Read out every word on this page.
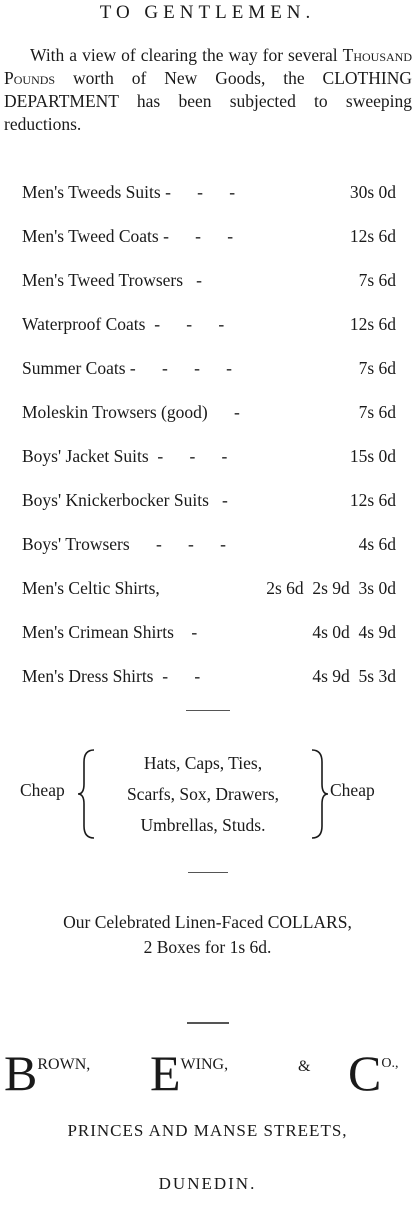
TO GENTLEMEN.
With a view of clearing the way for several Thousand Pounds worth of New Goods, the CLOTHING DEPARTMENT has been subjected to sweeping reductions.
Men's Tweeds Suits -      -      -	30s 0d
Men's Tweed Coats -      -      -	12s 6d
Men's Tweed Trowsers   -	7s 6d
Waterproof Coats  -      -      -	12s 6d
Summer Coats -      -      -      -	7s 6d
Moleskin Trowsers (good)      -	7s 6d
Boys' Jacket Suits  -      -      -	15s 0d
Boys' Knickerbocker Suits   -	12s 6d
Boys' Trowsers      -      -      -	4s 6d
Men's Celtic Shirts,	2s 6d  2s 9d  3s 0d
Men's Crimean Shirts    -	4s 0d  4s 9d
Men's Dress Shirts  -      -	4s 9d  5s 3d
Cheap
Hats, Caps, Ties,
Scarfs, Sox, Drawers,
Umbrellas, Studs.
Cheap
Our Celebrated Linen-Faced COLLARS,
2 Boxes for 1s 6d.
BROWN, EWING,	& CO.,
PRINCES AND MANSE STREETS,
DUNEDIN.
